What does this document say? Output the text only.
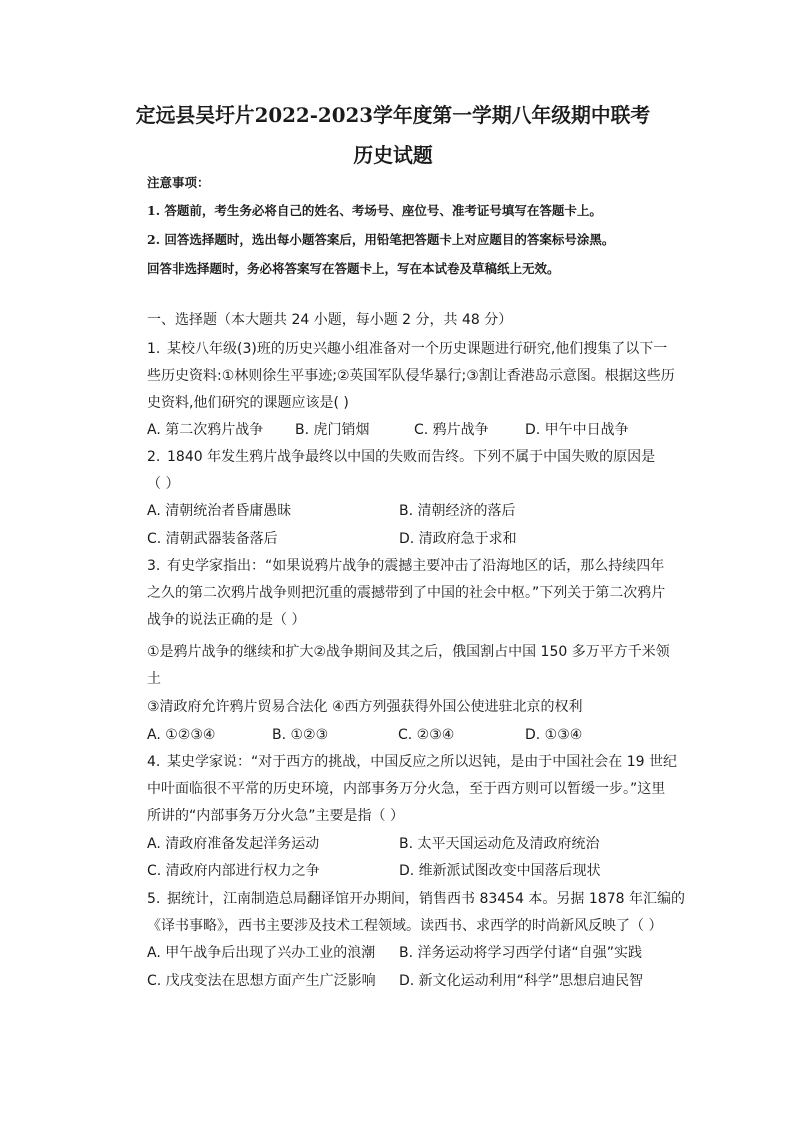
定远县吴圩片2022-2023学年度第一学期八年级期中联考
历史试题
注意事项：
1. 答题前，考生务必将自己的姓名、考场号、座位号、准考证号填写在答题卡上。
2. 回答选择题时，选出每小题答案后，用铅笔把答题卡上对应题目的答案标号涂黑。
回答非选择题时，务必将答案写在答题卡上，写在本试卷及草稿纸上无效。
一、选择题（本大题共 24 小题，每小题 2 分，共 48 分）
1. 某校八年级(3)班的历史兴趣小组准备对一个历史课题进行研究,他们搜集了以下一
些历史资料:①林则徐生平事迹;②英国军队侵华暴行;③割让香港岛示意图。根据这些历
史资料,他们研究的课题应该是( )
A. 第二次鸦片战争 B. 虎门销烟	C. 鸦片战争	D. 甲午中日战争
2. 1840 年发生鸦片战争最终以中国的失败而告终。下列不属于中国失败的原因是
（ ）
A. 清朝统治者昏庸愚昧	B. 清朝经济的落后
C. 清朝武器装备落后	D. 清政府急于求和
3. 有史学家指出：“如果说鸦片战争的震撼主要冲击了沿海地区的话，那么持续四年
之久的第二次鸦片战争则把沉重的震撼带到了中国的社会中枢。”下列关于第二次鸦片
战争的说法正确的是（ ）
①是鸦片战争的继续和扩大②战争期间及其之后，俄国割占中国 150 多万平方千米领
土
③清政府允许鸦片贸易合法化 ④西方列强获得外国公使进驻北京的权利
A. ①②③④	B. ①②③	C. ②③④	D. ①③④
4. 某史学家说：“对于西方的挑战，中国反应之所以迟钝，是由于中国社会在 19 世纪
中叶面临很不平常的历史环境，内部事务万分火急，至于西方则可以暂缓一步。”这里
所讲的“内部事务万分火急”主要是指（ ）
A. 清政府准备发起洋务运动	B. 太平天国运动危及清政府统治
C. 清政府内部进行权力之争	D. 维新派试图改变中国落后现状
5. 据统计，江南制造总局翻译馆开办期间，销售西书 83454 本。另据 1878 年汇编的
《译书事略》，西书主要涉及技术工程领域。读西书、求西学的时尚新风反映了（ ）
A. 甲午战争后出现了兴办工业的浪潮 B. 洋务运动将学习西学付诸“自强”实践
C. 戊戌变法在思想方面产生广泛影响 D. 新文化运动利用“科学”思想启迪民智
